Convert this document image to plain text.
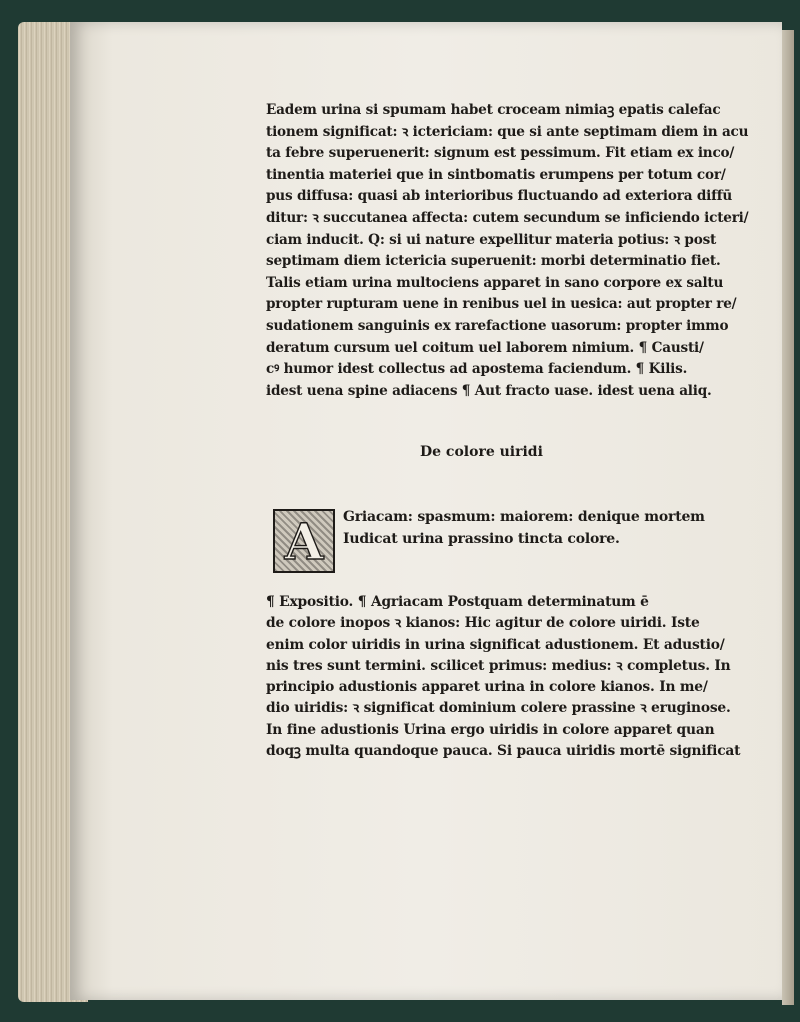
Eadem urina si spumam habet croceam nimiaꝫ epatis calefac
tionem significat: ꝛ ictericiam: que si ante septimam diem in acu
ta febre superuenerit: signum est pessimum. Fit etiam ex inco/
tinentia materiei que in sintbomatis erumpens per totum cor/
pus diffusa: quasi ab interioribus fluctuando ad exteriora diffū
ditur: ꝛ succutanea affecta: cutem secundum se inficiendo icteri/
ciam inducit. Q: si ui nature expellitur materia potius: ꝛ post
septimam diem ictericia superuenit: morbi determinatio fiet.
Talis etiam urina multociens apparet in sano corpore ex saltu
propter rupturam uene in renibus uel in uesica: aut propter re/
sudationem sanguinis ex rarefactione uasorum: propter immo
deratum cursum uel coitum uel laborem nimium. ¶ Causti/
cꝰ humor idest collectus ad apostema faciendum. ¶ Kilis.
idest uena spine adiacens ¶ Aut fracto uase. idest uena aliq.
De colore uiridi
A	Griacam: spasmum: maiorem: denique mortem
Iudicat urina prassino tincta colore.
¶ Expositio. ¶ Agriacam Postquam determinatum ē
de colore inopos ꝛ kianos: Hic agitur de colore uiridi. Iste
enim color uiridis in urina significat adustionem. Et adustio/
nis tres sunt termini. scilicet primus: medius: ꝛ completus. In
principio adustionis apparet urina in colore kianos. In me/
dio uiridis: ꝛ significat dominium colere prassine ꝛ eruginose.
In fine adustionis Urina ergo uiridis in colore apparet quan
doqꝫ multa quandoque pauca. Si pauca uiridis mortē significat
